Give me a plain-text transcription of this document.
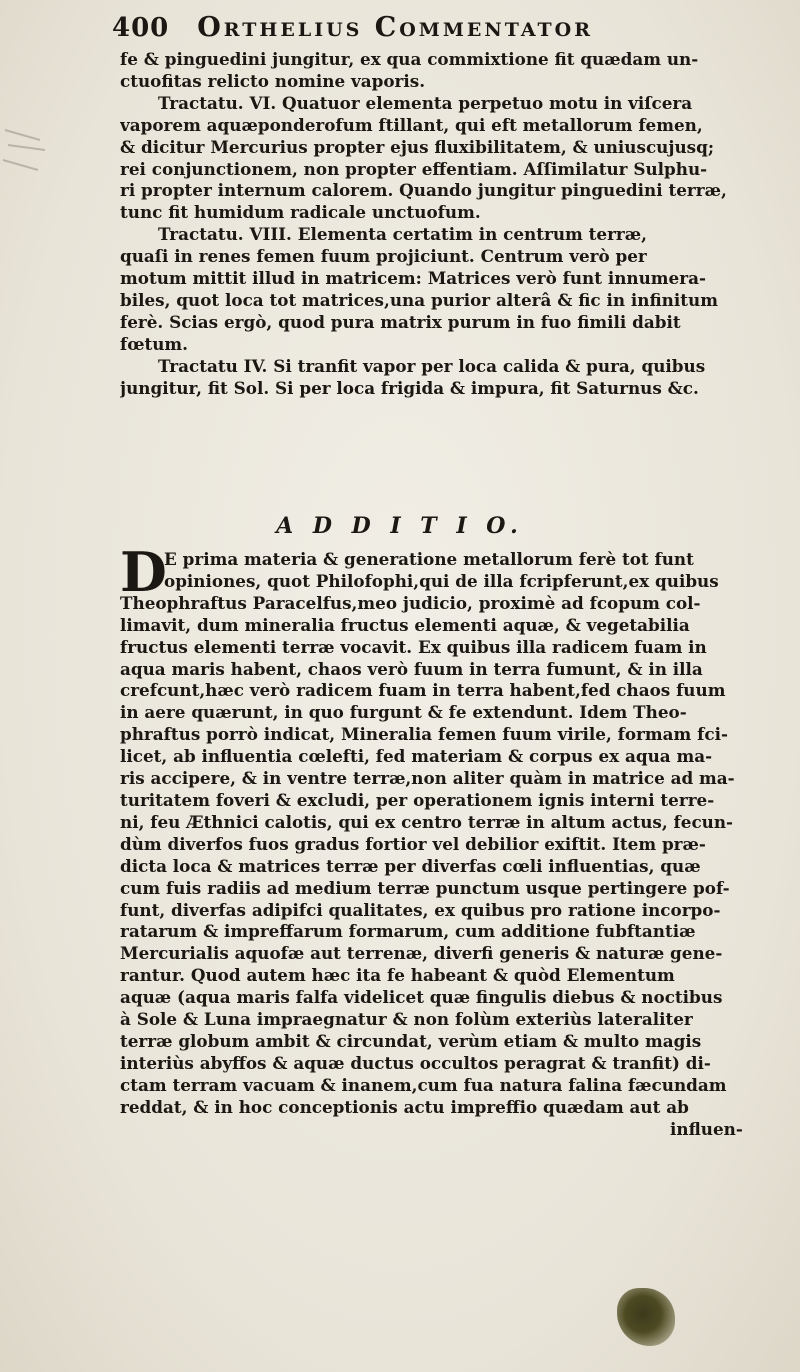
400 Orthelius Commentator
fe & pinguedini jungitur, ex qua commixtione fit quædam un-
ctuofitas relicto nomine vaporis.
Tractatu. VI. Quatuor elementa perpetuo motu in viſcera
vaporem aquæponderofum ftillant, qui eft metallorum femen,
& dicitur Mercurius propter ejus fluxibilitatem, & uniuscujusq;
rei conjunctionem, non propter effentiam. Aſſimilatur Sulphu-
ri propter internum calorem. Quando jungitur pinguedini terræ,
tunc fit humidum radicale unctuofum.
Tractatu. VIII. Elementa certatim in centrum terræ,
quaſi in renes femen fuum projiciunt. Centrum verò per
motum mittit illud in matricem: Matrices verò funt innumera-
biles, quot loca tot matrices,una purior alterâ & fic in infinitum
ferè. Scias ergò, quod pura matrix purum in fuo fimili dabit
fœtum.
Tractatu IV. Si tranfit vapor per loca calida & pura, quibus
jungitur, fit Sol. Si per loca frigida & impura, fit Saturnus &c.
A D D I T I O.
D
E prima materia & generatione metallorum ferè tot funt
opiniones, quot Philofophi,qui de illa fcripferunt,ex quibus
Theophraftus Paracelfus,meo judicio, proximè ad fcopum col-
limavit, dum mineralia fructus elementi aquæ, & vegetabilia
fructus elementi terræ vocavit. Ex quibus illa radicem fuam in
aqua maris habent, chaos verò fuum in terra fumunt, & in illa
crefcunt,hæc verò radicem fuam in terra habent,fed chaos fuum
in aere quærunt, in quo furgunt & fe extendunt. Idem Theo-
phraftus porrò indicat, Mineralia femen fuum virile, formam fci-
licet, ab influentia cœlefti, fed materiam & corpus ex aqua ma-
ris accipere, & in ventre terræ,non aliter quàm in matrice ad ma-
turitatem foveri & excludi, per operationem ignis interni terre-
ni, feu Æthnici calotis, qui ex centro terræ in altum actus, fecun-
dùm diverfos fuos gradus fortior vel debilior exiftit. Item præ-
dicta loca & matrices terræ per diverfas cœli influentias, quæ
cum fuis radiis ad medium terræ punctum usque pertingere pof-
funt, diverfas adipifci qualitates, ex quibus pro ratione incorpo-
ratarum & impreffarum formarum, cum additione fubftantiæ
Mercurialis aquofæ aut terrenæ, diverfi generis & naturæ gene-
rantur. Quod autem hæc ita fe habeant & quòd Elementum
aquæ (aqua maris falfa videlicet quæ fingulis diebus & noctibus
à Sole & Luna impraegnatur & non folùm exteriùs lateraliter
terræ globum ambit & circundat, verùm etiam & multo magis
interiùs abyffos & aquæ ductus occultos peragrat & tranfit) di-
ctam terram vacuam & inanem,cum fua natura falina fæcundam
reddat, & in hoc conceptionis actu impreffio quædam aut ab
influen-
